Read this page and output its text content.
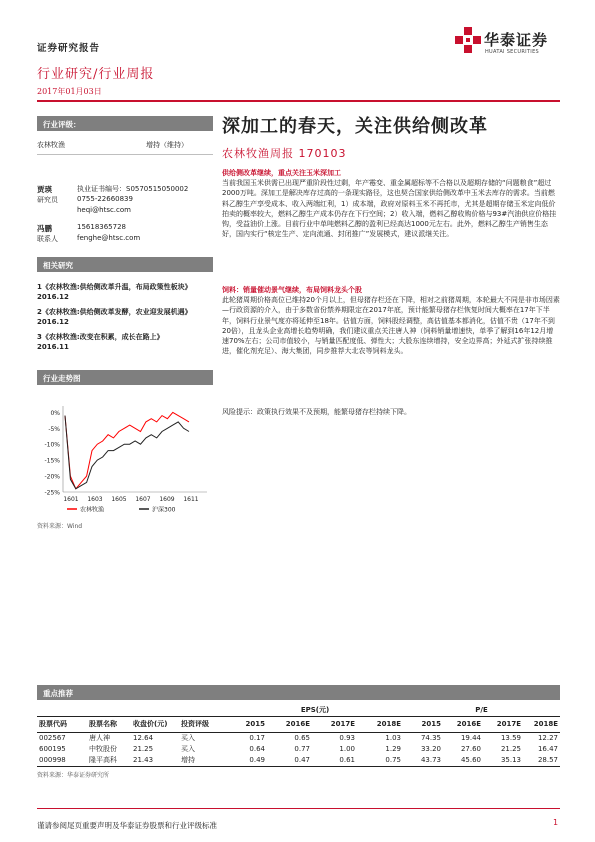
证券研究报告
行业研究/行业周报
2017年01月03日
华泰证券
HUATAI SECURITIES
行业评级：
农林牧渔	增持（维持）
贾瑛
研究员
执业证书编号：S0570515050002
0755-22660839
heqi@htsc.com
冯鹏
联系人
15618365728
fenghe@htsc.com
相关研究
1《农林牧渔:供给侧改革升温，布局政策性板块》 2016.12
2《农林牧渔:供给侧改革发酵，农业迎发展机遇》 2016.12
3《农林牧渔:改变在积累，成长在路上》
2016.11
行业走势图
0%
-5%
-10%
-15%
-20%
-25%
1601 1603 1605 1607 1609 1611
农林牧渔	沪深300
资料来源：Wind
深加工的春天，关注供给侧改革
农林牧渔周报 170103
供给侧改革继续，重点关注玉米深加工
当前我国玉米供需已出现严重阶段性过剩，年产霉变、重金属超标等不合格以及超期存储的“问题粮食”超过2000万吨。深加工是解决库存过高的一条现实路径，这也契合国家供给侧改革中玉米去库存的需求。当前燃料乙醇生产享受成本、收入两端红利，1）成本端，政府对原料玉米不再托市，尤其是超期存储玉米定向低价拍卖的概率较大，燃料乙醇生产成本仍存在下行空间；2）收入端，燃料乙醇收购价格与93#汽油供应价格挂钩，受益油价上涨。目前行业中单吨燃料乙醇的盈利已经高达1000元左右。此外，燃料乙醇生产销售生态好，国内实行“核定生产、定向流通、封闭推广”发展模式，建议派继关注。
饲料：销量催动景气继续，布局饲料龙头个股
此轮猪周期价格高位已维持20个月以上，但母猪存栏还在下降，相对之前猪周期，本轮最大不同是非市场因素—行政资源的介入，由于多数省份禁养期限定在2017年底，预计能繁母猪存栏恢复时间大概率在17年下半年，饲料行业景气度亦将延伸至18年。估值方面，饲料股经调整，高估值基本都消化，估值不贵（17年不到20倍），且龙头企业高增长趋势明确，我们建议重点关注唐人神（饲料销量增速快，单季了解到16年12月增速70%左右；公司市值较小，与销量匹配度低、弹性大；大股东连续增持，安全边界高；外延式扩张持续推进，催化剂充足）、海大集团，同步推荐大北农等饲料龙头。
风险提示：政策执行效果不及预期，能繁母猪存栏持续下降。
重点推荐
				EPS(元)				P/E			
股票代码	股票名称	收盘价(元)	投资评级	2015	2016E	2017E	2018E	2015	2016E	2017E	2018E
002567	唐人神	12.64	买入	0.17	0.65	0.93	1.03	74.35	19.44	13.59	12.27
600195	中牧股份	21.25	买入	0.64	0.77	1.00	1.29	33.20	27.60	21.25	16.47
000998	隆平高科	21.43	增持	0.49	0.47	0.61	0.75	43.73	45.60	35.13	28.57
资料来源：华泰证券研究所
谨请参阅尾页重要声明及华泰证券股票和行业评级标准	1
